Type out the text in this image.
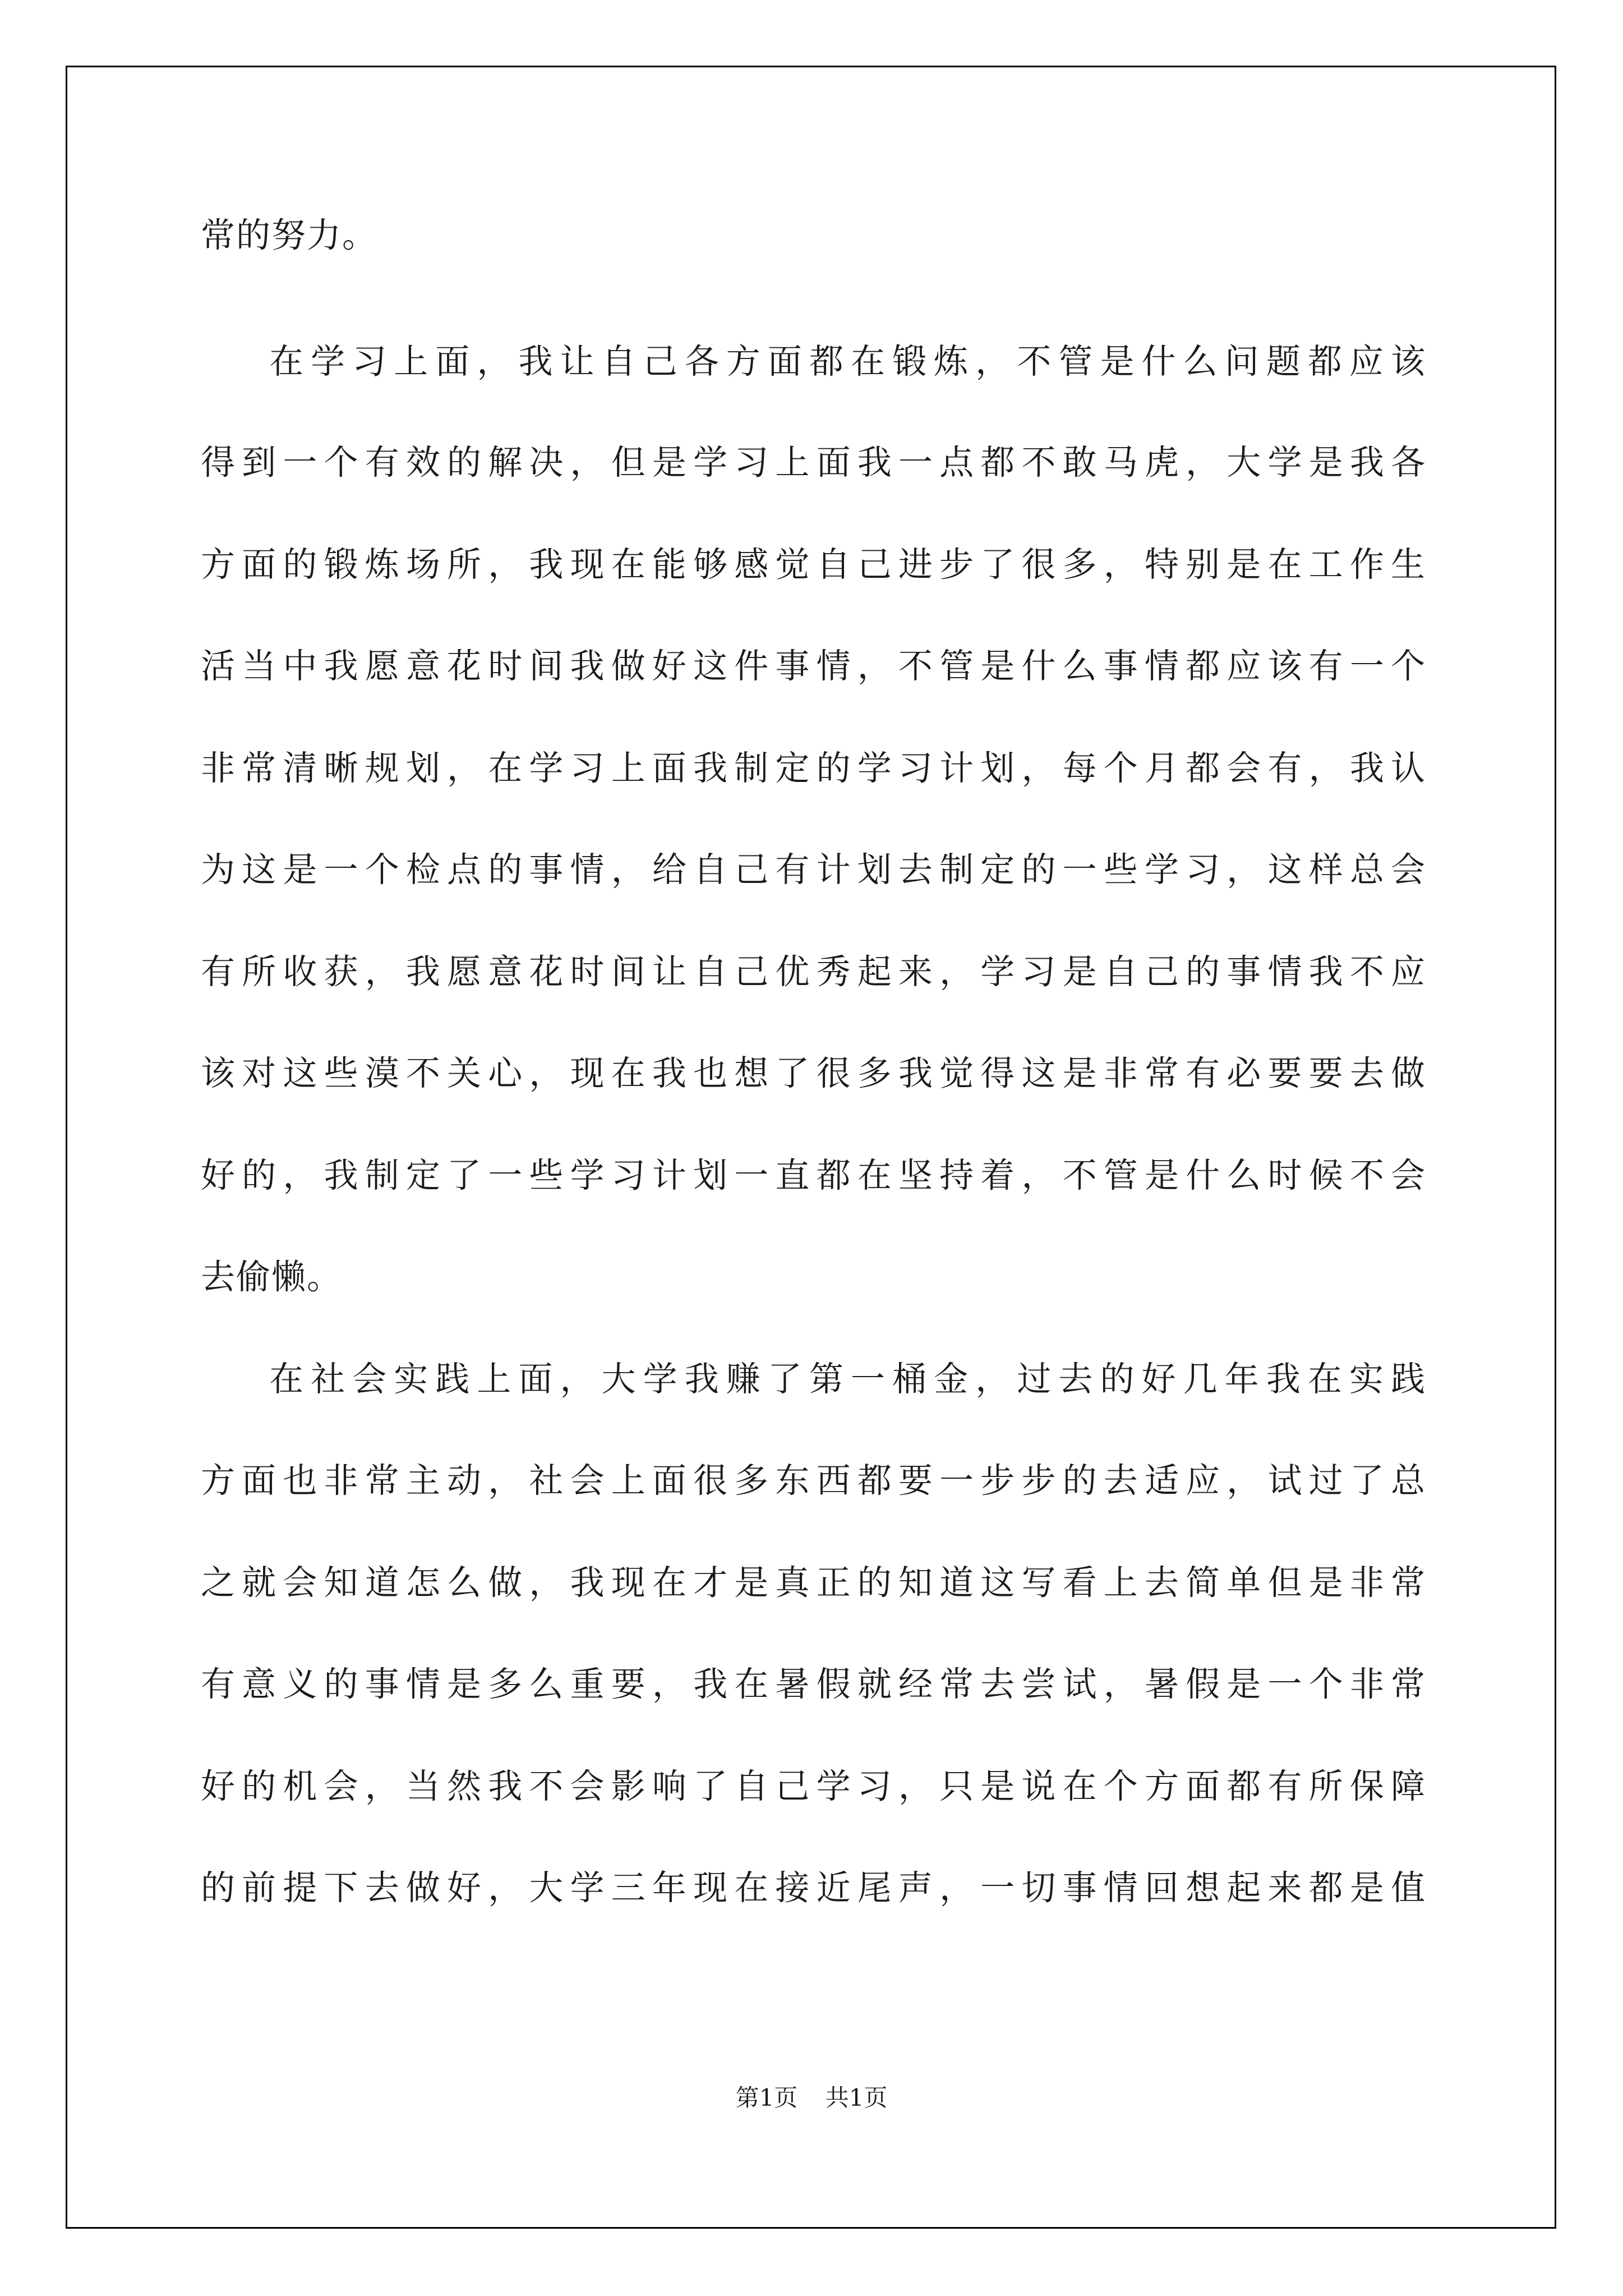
常的努力。
在学习上面，我让自己各方面都在锻炼，不管是什么问题都应该
得到一个有效的解决，但是学习上面我一点都不敢马虎，大学是我各
方面的锻炼场所，我现在能够感觉自己进步了很多，特别是在工作生
活当中我愿意花时间我做好这件事情，不管是什么事情都应该有一个
非常清晰规划，在学习上面我制定的学习计划，每个月都会有，我认
为这是一个检点的事情，给自己有计划去制定的一些学习，这样总会
有所收获，我愿意花时间让自己优秀起来，学习是自己的事情我不应
该对这些漠不关心，现在我也想了很多我觉得这是非常有必要要去做
好的，我制定了一些学习计划一直都在坚持着，不管是什么时候不会
去偷懒。
在社会实践上面，大学我赚了第一桶金，过去的好几年我在实践
方面也非常主动，社会上面很多东西都要一步步的去适应，试过了总
之就会知道怎么做，我现在才是真正的知道这写看上去简单但是非常
有意义的事情是多么重要，我在暑假就经常去尝试，暑假是一个非常
好的机会，当然我不会影响了自己学习，只是说在个方面都有所保障
的前提下去做好，大学三年现在接近尾声，一切事情回想起来都是值
第1页 共1页
